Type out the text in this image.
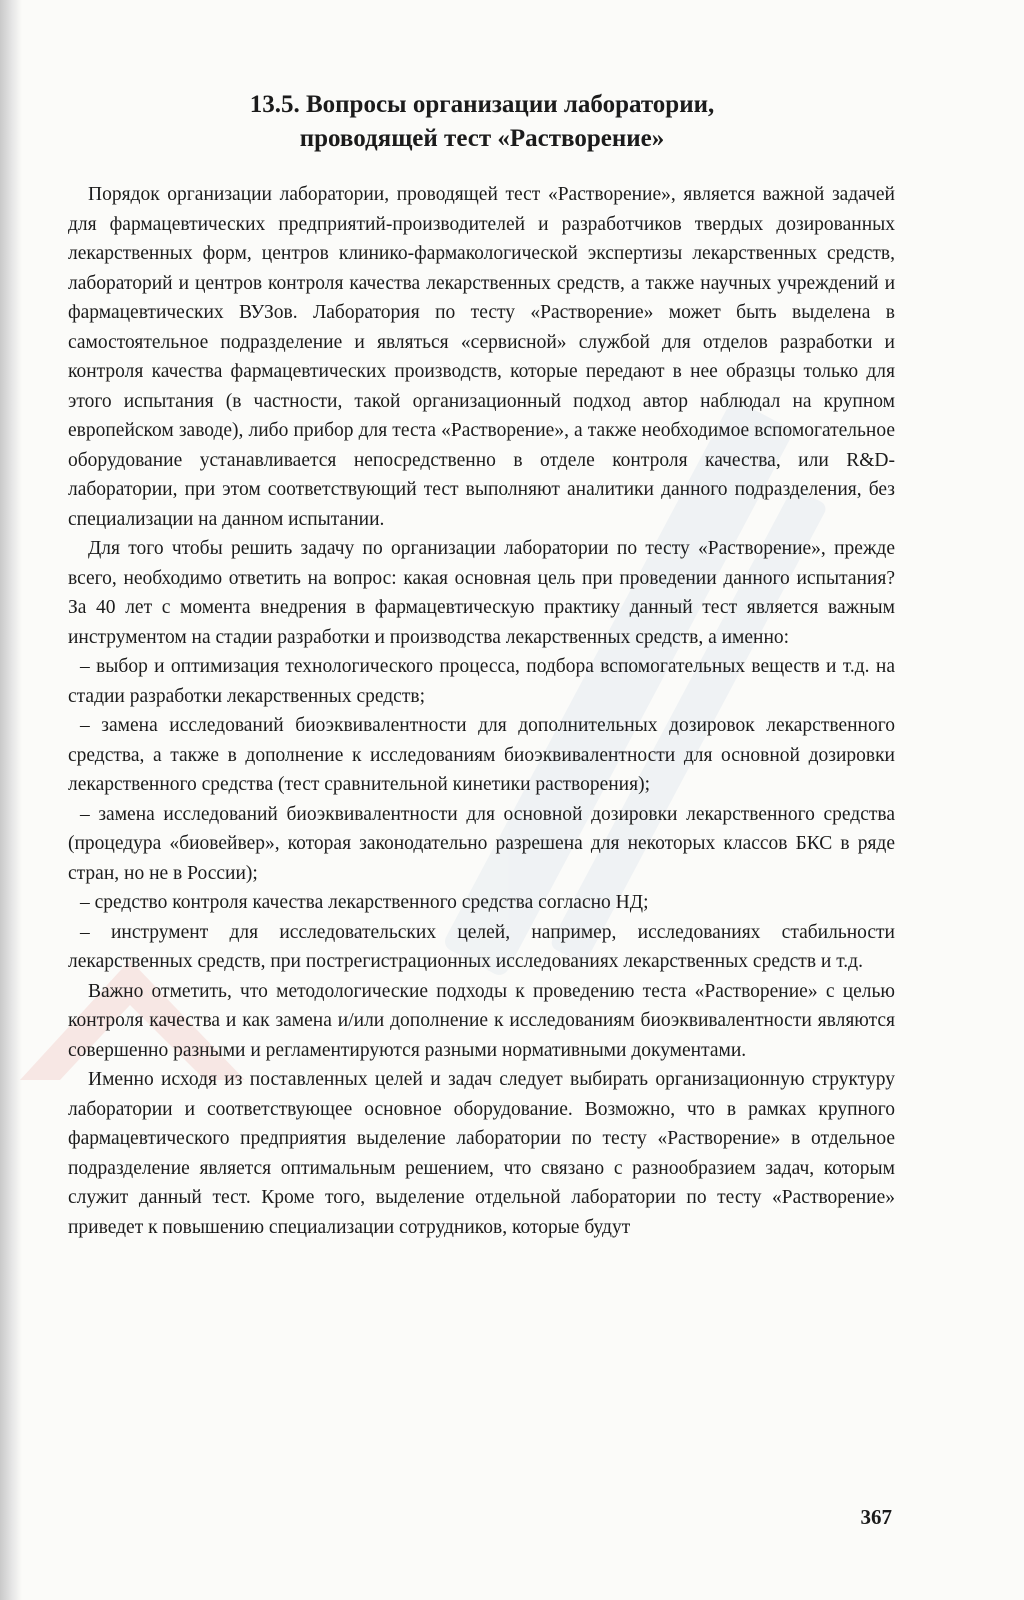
13.5. Вопросы организации лаборатории,
проводящей тест «Растворение»

Порядок организации лаборатории, проводящей тест «Растворение», является важной задачей для фармацевтических предприятий-производителей и разработчиков твердых дозированных лекарственных форм, центров клинико-фармакологической экспертизы лекарственных средств, лабораторий и центров контроля качества лекарственных средств, а также научных учреждений и фармацевтических ВУЗов. Лаборатория по тесту «Растворение» может быть выделена в самостоятельное подразделение и являться «сервисной» службой для отделов разработки и контроля качества фармацевтических производств, которые передают в нее образцы только для этого испытания (в частности, такой организационный подход автор наблюдал на крупном европейском заводе), либо прибор для теста «Растворение», а также необходимое вспомогательное оборудование устанавливается непосредственно в отделе контроля качества, или R&D-лаборатории, при этом соответствующий тест выполняют аналитики данного подразделения, без специализации на данном испытании.

Для того чтобы решить задачу по организации лаборатории по тесту «Растворение», прежде всего, необходимо ответить на вопрос: какая основная цель при проведении данного испытания? За 40 лет с момента внедрения в фармацевтическую практику данный тест является важным инструментом на стадии разработки и производства лекарственных средств, а именно:

– выбор и оптимизация технологического процесса, подбора вспомогательных веществ и т.д. на стадии разработки лекарственных средств;

– замена исследований биоэквивалентности для дополнительных дозировок лекарственного средства, а также в дополнение к исследованиям биоэквивалентности для основной дозировки лекарственного средства (тест сравнительной кинетики растворения);

– замена исследований биоэквивалентности для основной дозировки лекарственного средства (процедура «биовейвер», которая законодательно разрешена для некоторых классов БКС в ряде стран, но не в России);

– средство контроля качества лекарственного средства согласно НД;

– инструмент для исследовательских целей, например, исследованиях стабильности лекарственных средств, при пострегистрационных исследованиях лекарственных средств и т.д.

Важно отметить, что методологические подходы к проведению теста «Растворение» с целью контроля качества и как замена и/или дополнение к исследованиям биоэквивалентности являются совершенно разными и регламентируются разными нормативными документами.

Именно исходя из поставленных целей и задач следует выбирать организационную структуру лаборатории и соответствующее основное оборудование. Возможно, что в рамках крупного фармацевтического предприятия выделение лаборатории по тесту «Растворение» в отдельное подразделение является оптимальным решением, что связано с разнообразием задач, которым служит данный тест. Кроме того, выделение отдельной лаборатории по тесту «Растворение» приведет к повышению специализации сотрудников, которые будут

367
